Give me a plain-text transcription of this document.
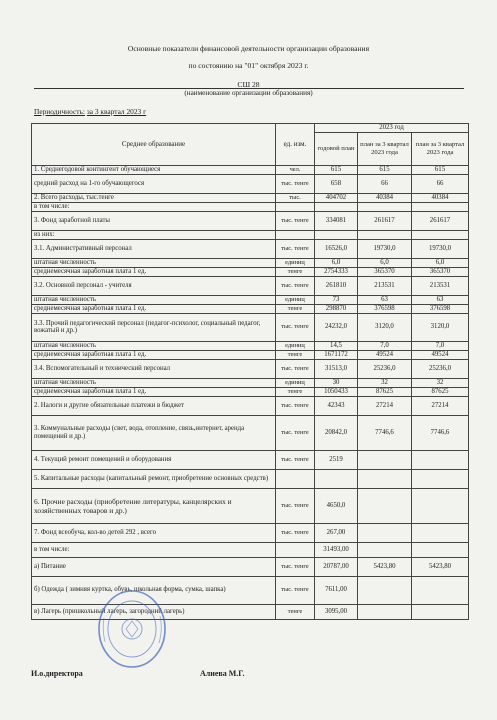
Основные показатели финансовой деятельности организации образования
по состоянию на "01" октября 2023 г.
СШ 28
(наименование организации образования)
Периодичность: за 3 квартал 2023 г
Среднее образование	ед. изм.	2023 год		
		годовой план	план за 3 квартал 2023 года	план за 3 квартал 2023 года
1. Среднегодовой контингент обучающиеся	чел.	615	615	615
средний расход на 1-го обучающегося	тыс. тенге	658	66	66
2. Всего расходы, тыс.тенге	тыс.	404702	40384	40384
в том числе:				
3. Фонд заработной платы	тыс. тенге	334081	261617	261617
из них:				
3.1. Административный персонал	тыс. тенге	16526,0	19730,0	19730,0
штатная численность	единиц	6,0	6,0	6,0
среднемесячная заработная плата 1 ед.	тенге	2754333	365370	365370
3.2. Основной персонал - учителя	тыс. тенге	261810	213531	213531
штатная численность	единиц	73	63	63
среднемесячная заработная плата 1 ед.	тенге	298870	376598	376598
3.3. Прочий педагогический персонал (педагог-психолог, социальный педагог, вожатый и др.)	тыс. тенге	24232,0	3120,0	3120,0
штатная численность	единиц	14,5	7,0	7,0
среднемесячная заработная плата 1 ед.	тенге	1671172	49524	49524
3.4. Вспомогательный и технический персонал	тыс. тенге	31513,0	25236,0	25236,0
штатная численность	единиц	30	32	32
среднемесячная заработная плата 1 ед.	тенге	1050433	87625	87625
2. Налоги и другие обязательные платежи в бюджет	тыс. тенге	42343	27214	27214
3. Коммунальные расходы (свет, вода, отопление, связь,интернет, аренда помещений и др.)	тыс. тенге	20842,0	7746,6	7746,6
4. Текущий ремонт помещений и оборудования	тыс. тенге	2519		
5. Капитальные расходы (капитальный ремонт, приобретение основных средств)				
6. Прочие расходы (приобретение литературы, канцелярских и хозяйственных товаров и др.)	тыс. тенге	4650,0		
7. Фонд всеобуча, кол-во детей 292 , всего	тыс. тенге	267,00		
в том числе:		31493,00		
а) Питание	тыс. тенге	20787,00	5423,80	5423,80
б) Одежда ( зимняя куртка, обувь, школьная форма, сумка, шапка)	тыс. тенге	7611,00		
в) Лагерь (пришкольный лагерь, загородний лагерь)	тенге	3095,00		
И.о.директора	Алиева М.Г.
